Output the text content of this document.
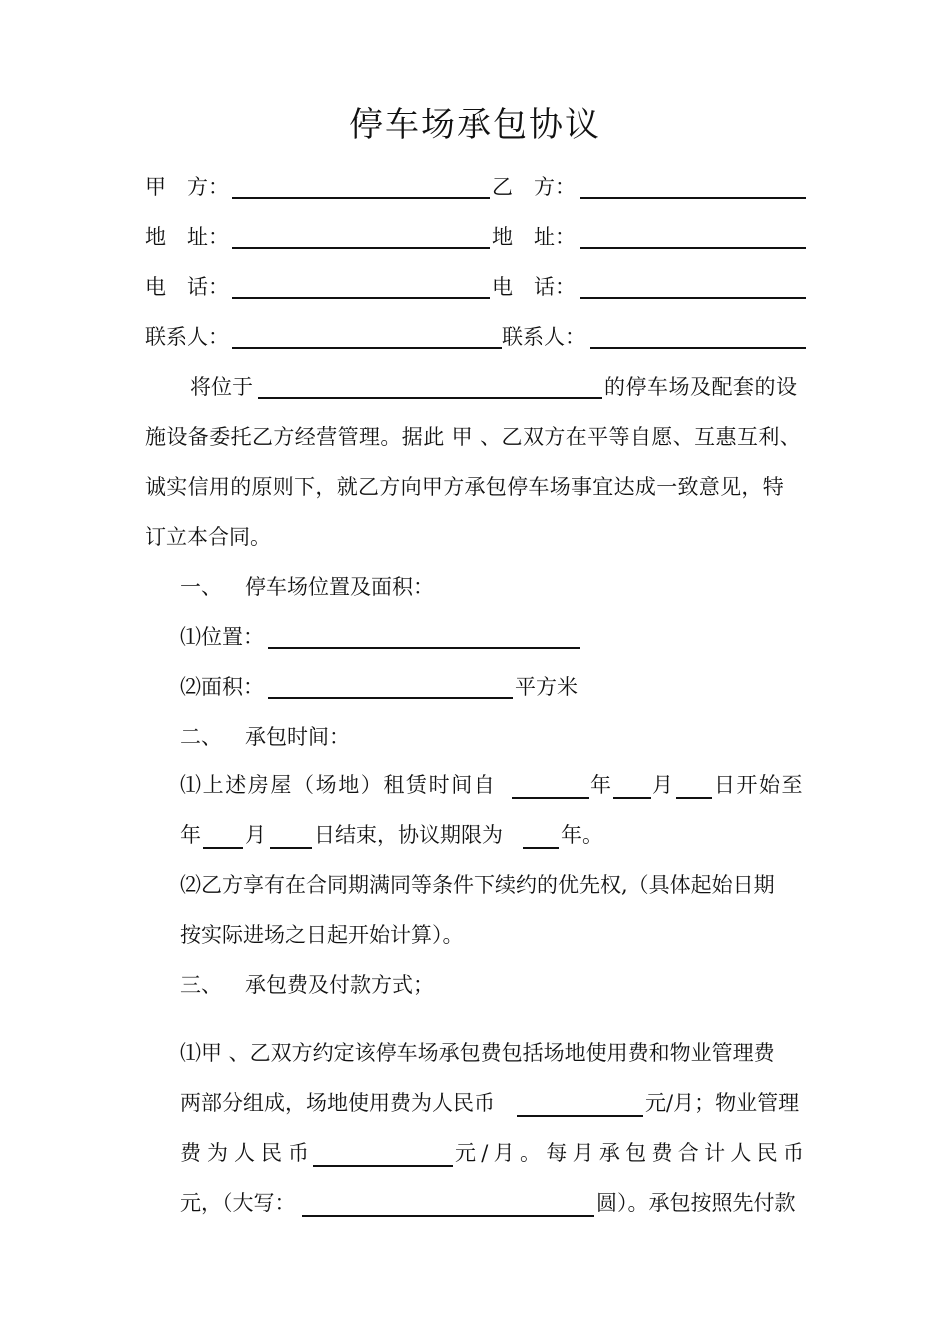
停车场承包协议
甲　方：	乙　方：
地　址：	地　址：
电　话：	电　话：
联系人：	联系人：
将位于	的停车场及配套的设
施设备委托乙方经营管理。据此 甲 、乙双方在平等自愿、互惠互利、
诚实信用的原则下，就乙方向甲方承包停车场事宜达成一致意见，特
订立本合同。
一、 停车场位置及面积：
⑴位置：
⑵面积：	平方米
二、 承包时间：
⑴上述房屋（场地）租赁时间自	年 月 日开始至
年 月 日结束，协议期限为	年。
⑵乙方享有在合同期满同等条件下续约的优先权,（具体起始日期
按实际进场之日起开始计算）。
三、 承包费及付款方式；
⑴甲 、乙双方约定该停车场承包费包括场地使用费和物业管理费
两部分组成，场地使用费为人民币	元/月；物业管理
费为人民币	元/月。每月承包费合计人民币
元，（大写：	圆）。承包按照先付款
